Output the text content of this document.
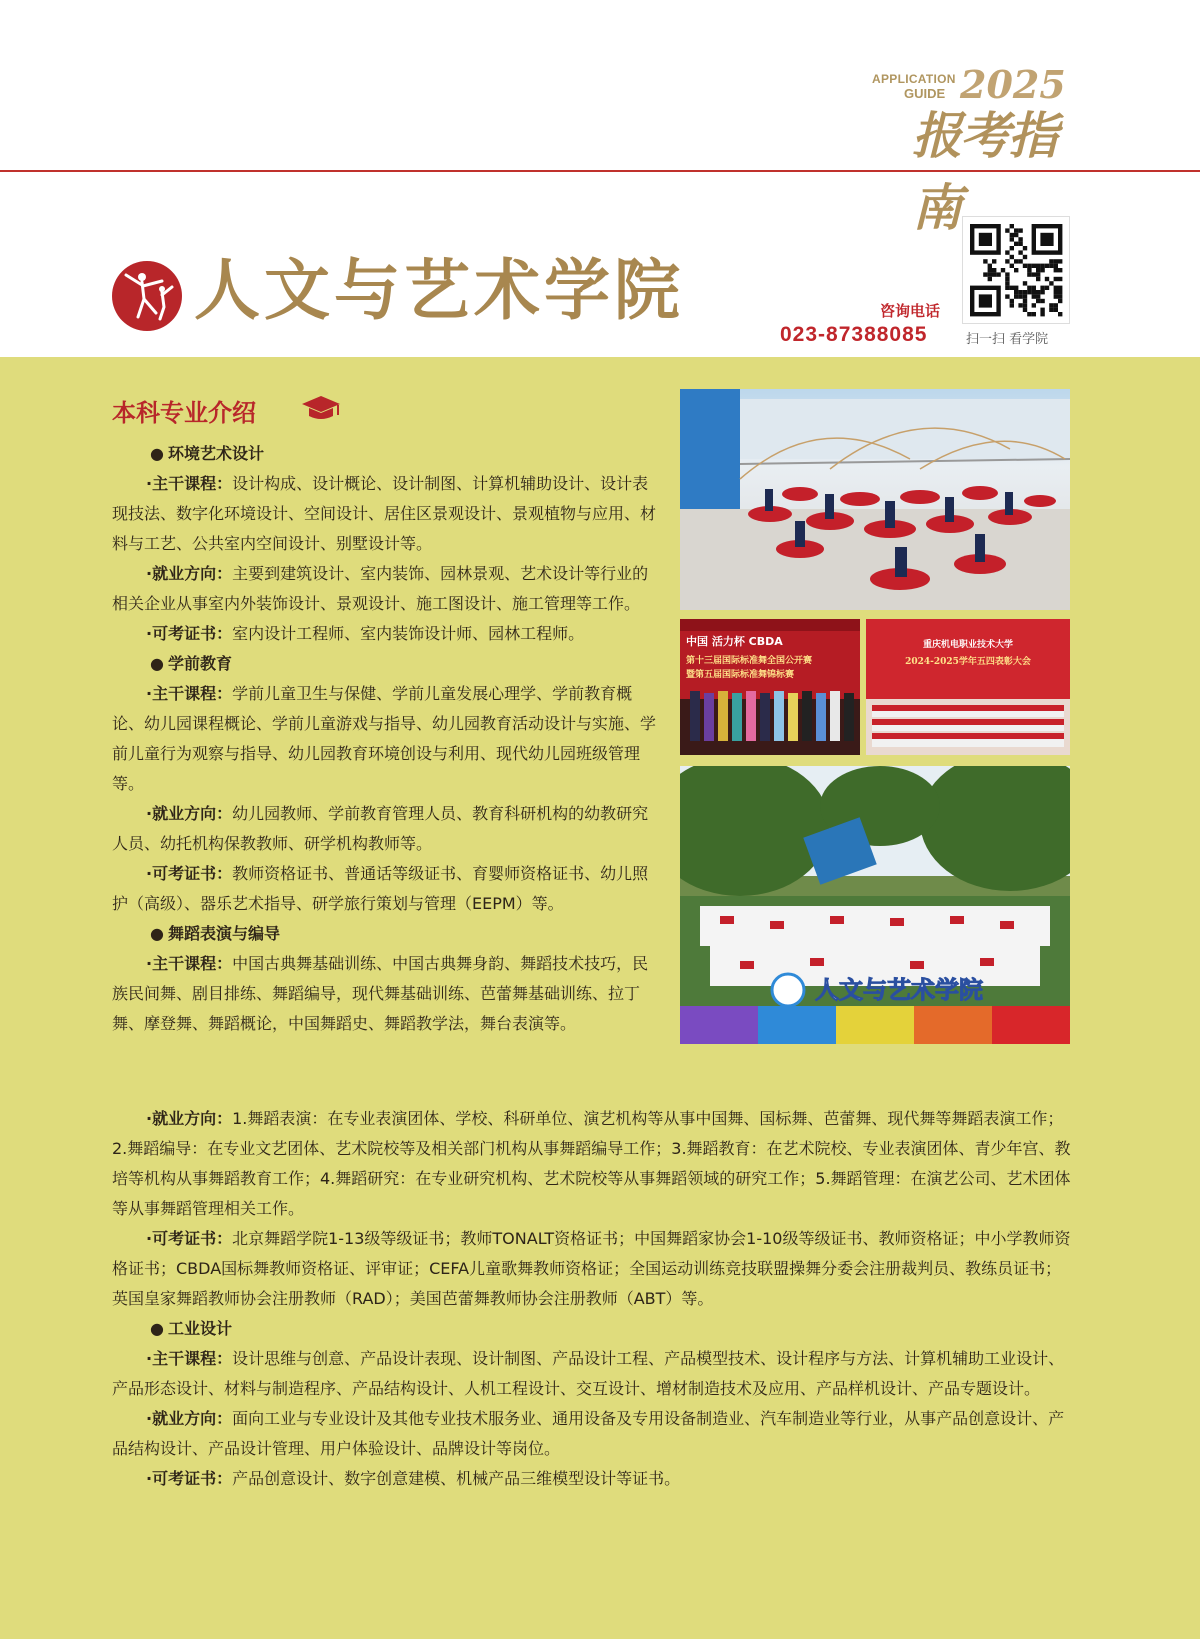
APPLICATION
GUIDE 2025
报考指南
人文与艺术学院	咨询电话
023-87388085	扫一扫 看学院
本科专业介绍

● 环境艺术设计

·主干课程：设计构成、设计概论、设计制图、计算机辅助设计、设计表现技法、数字化环境设计、空间设计、居住区景观设计、景观植物与应用、材料与工艺、公共室内空间设计、别墅设计等。

·就业方向：主要到建筑设计、室内装饰、园林景观、艺术设计等行业的相关企业从事室内外装饰设计、景观设计、施工图设计、施工管理等工作。

·可考证书：室内设计工程师、室内装饰设计师、园林工程师。

● 学前教育

·主干课程：学前儿童卫生与保健、学前儿童发展心理学、学前教育概论、幼儿园课程概论、学前儿童游戏与指导、幼儿园教育活动设计与实施、学前儿童行为观察与指导、幼儿园教育环境创设与利用、现代幼儿园班级管理等。

·就业方向：幼儿园教师、学前教育管理人员、教育科研机构的幼教研究人员、幼托机构保教教师、研学机构教师等。

·可考证书：教师资格证书、普通话等级证书、育婴师资格证书、幼儿照护（高级）、器乐艺术指导、研学旅行策划与管理（EEPM）等。

● 舞蹈表演与编导

·主干课程：中国古典舞基础训练、中国古典舞身韵、舞蹈技术技巧，民族民间舞、剧目排练、舞蹈编导，现代舞基础训练、芭蕾舞基础训练、拉丁舞、摩登舞、舞蹈概论，中国舞蹈史、舞蹈教学法，舞台表演等。

·就业方向：1.舞蹈表演：在专业表演团体、学校、科研单位、演艺机构等从事中国舞、国标舞、芭蕾舞、现代舞等舞蹈表演工作；2.舞蹈编导：在专业文艺团体、艺术院校等及相关部门机构从事舞蹈编导工作；3.舞蹈教育：在艺术院校、专业表演团体、青少年宫、教培等机构从事舞蹈教育工作；4.舞蹈研究：在专业研究机构、艺术院校等从事舞蹈领域的研究工作；5.舞蹈管理：在演艺公司、艺术团体等从事舞蹈管理相关工作。

·可考证书：北京舞蹈学院1-13级等级证书；教师TONALT资格证书；中国舞蹈家协会1-10级等级证书、教师资格证；中小学教师资格证书；CBDA国标舞教师资格证、评审证；CEFA儿童歌舞教师资格证；全国运动训练竞技联盟操舞分委会注册裁判员、教练员证书；英国皇家舞蹈教师协会注册教师（RAD）；美国芭蕾舞教师协会注册教师（ABT）等。

● 工业设计

·主干课程：设计思维与创意、产品设计表现、设计制图、产品设计工程、产品模型技术、设计程序与方法、计算机辅助工业设计、产品形态设计、材料与制造程序、产品结构设计、人机工程设计、交互设计、增材制造技术及应用、产品样机设计、产品专题设计。

·就业方向：面向工业与专业设计及其他专业技术服务业、通用设备及专用设备制造业、汽车制造业等行业，从事产品创意设计、产品结构设计、产品设计管理、用户体验设计、品牌设计等岗位。

·可考证书：产品创意设计、数字创意建模、机械产品三维模型设计等证书。

中国 活力杯 CBDA
第十三届国际标准舞全国公开赛
暨第五届国际标准舞锦标赛
重庆机电职业技术大学
2024-2025学年五四表彰大会
人文与艺术学院
